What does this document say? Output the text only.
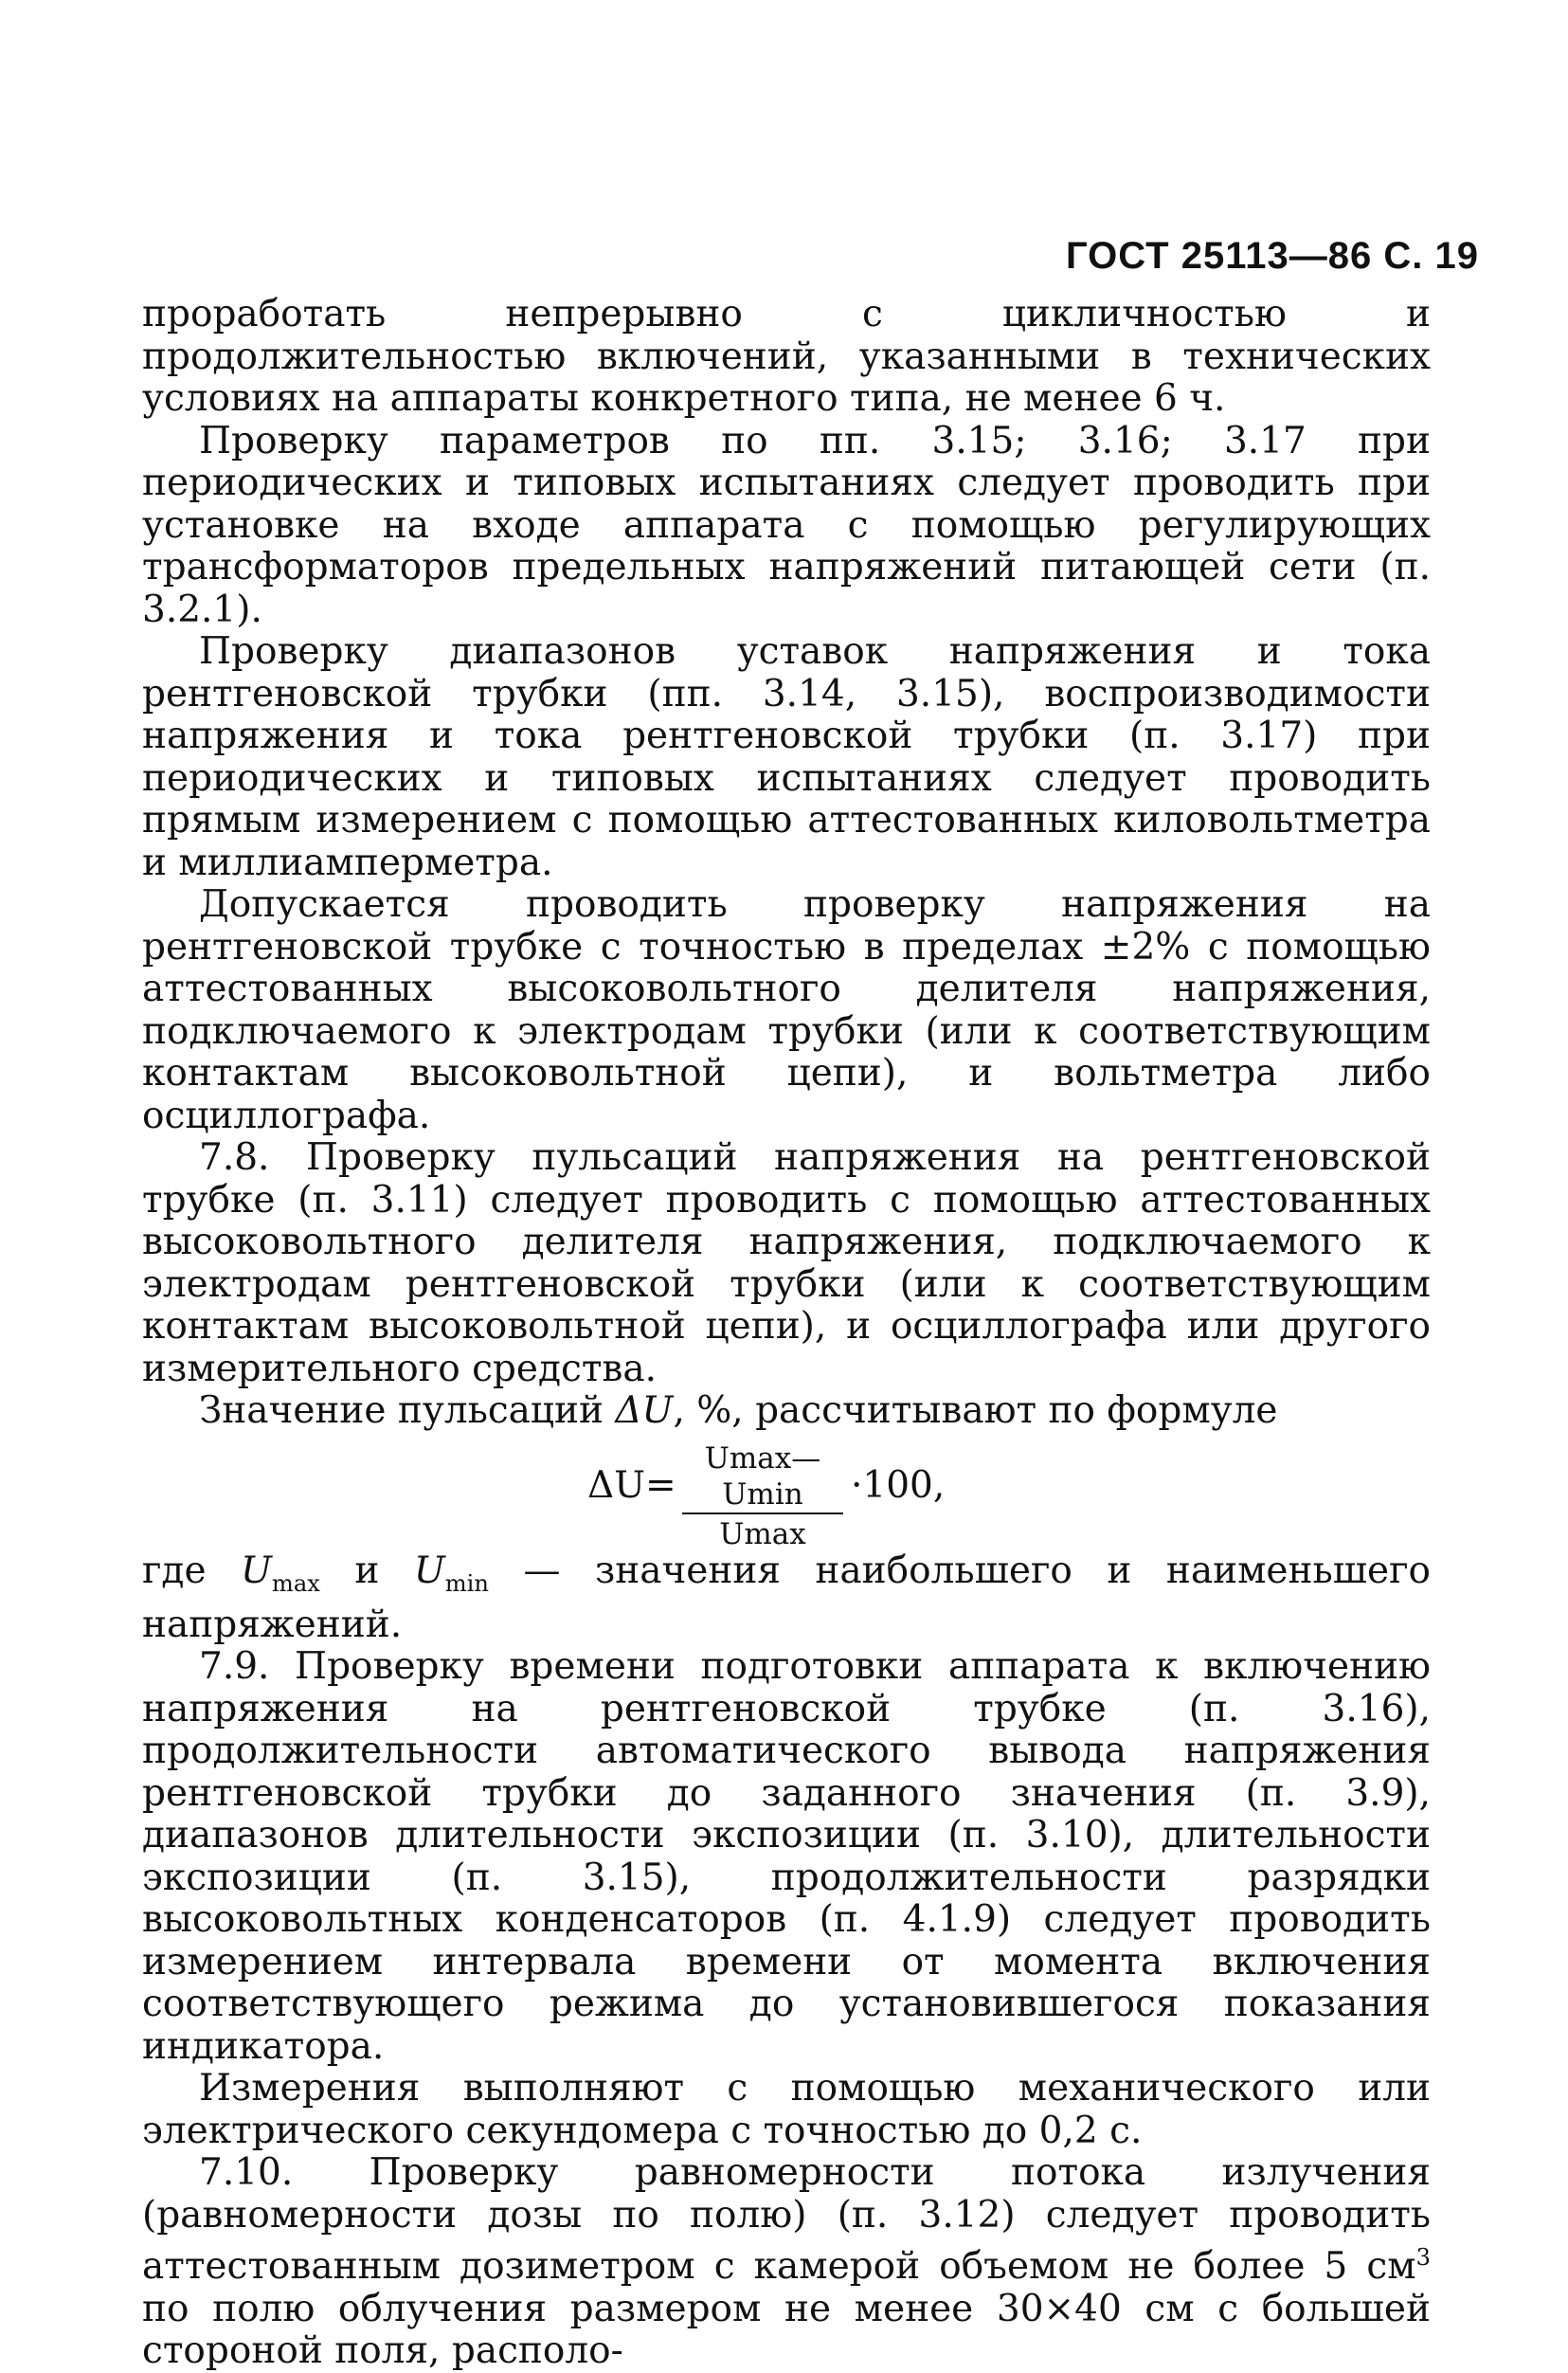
ГОСТ 25113—86 С. 19

проработать непрерывно с цикличностью и продолжительностью включений, указанными в технических условиях на аппараты конкретного типа, не менее 6 ч.

Проверку параметров по пп. 3.15; 3.16; 3.17 при периодических и типовых испытаниях следует проводить при установке на входе аппарата с помощью регулирующих трансформаторов предельных напряжений питающей сети (п. 3.2.1).

Проверку диапазонов уставок напряжения и тока рентгеновской трубки (пп. 3.14, 3.15), воспроизводимости напряжения и тока рентгеновской трубки (п. 3.17) при периодических и типовых испытаниях следует проводить прямым измерением с помощью аттестованных киловольтметра и миллиамперметра.

Допускается проводить проверку напряжения на рентгеновской трубке с точностью в пределах ±2% с помощью аттестованных высоковольтного делителя напряжения, подключаемого к электродам трубки (или к соответствующим контактам высоковольтной цепи), и вольтметра либо осциллографа.

7.8. Проверку пульсаций напряжения на рентгеновской трубке (п. 3.11) следует проводить с помощью аттестованных высоковольтного делителя напряжения, подключаемого к электродам рентгеновской трубки (или к соответствующим контактам высоковольтной цепи), и осциллографа или другого измерительного средства.

Значение пульсаций ΔU, %, рассчитывают по формуле

ΔU=
Umax—Umin
Umax
·100,

где $U_{max}$ и $U_{min}$ — значения наибольшего и наименьшего напряжений.

7.9. Проверку времени подготовки аппарата к включению напряжения на рентгеновской трубке (п. 3.16), продолжительности автоматического вывода напряжения рентгеновской трубки до заданного значения (п. 3.9), диапазонов длительности экспозиции (п. 3.10), длительности экспозиции (п. 3.15), продолжительности разрядки высоковольтных конденсаторов (п. 4.1.9) следует проводить измерением интервала времени от момента включения соответствующего режима до установившегося показания индикатора.

Измерения выполняют с помощью механического или электрического секундомера с точностью до 0,2 с.

7.10. Проверку равномерности потока излучения (равномерности дозы по полю) (п. 3.12) следует проводить аттестованным дозиметром с камерой объемом не более 5 $см^3$ по полю облучения размером не менее 30×40 см с большей стороной поля, располо-
